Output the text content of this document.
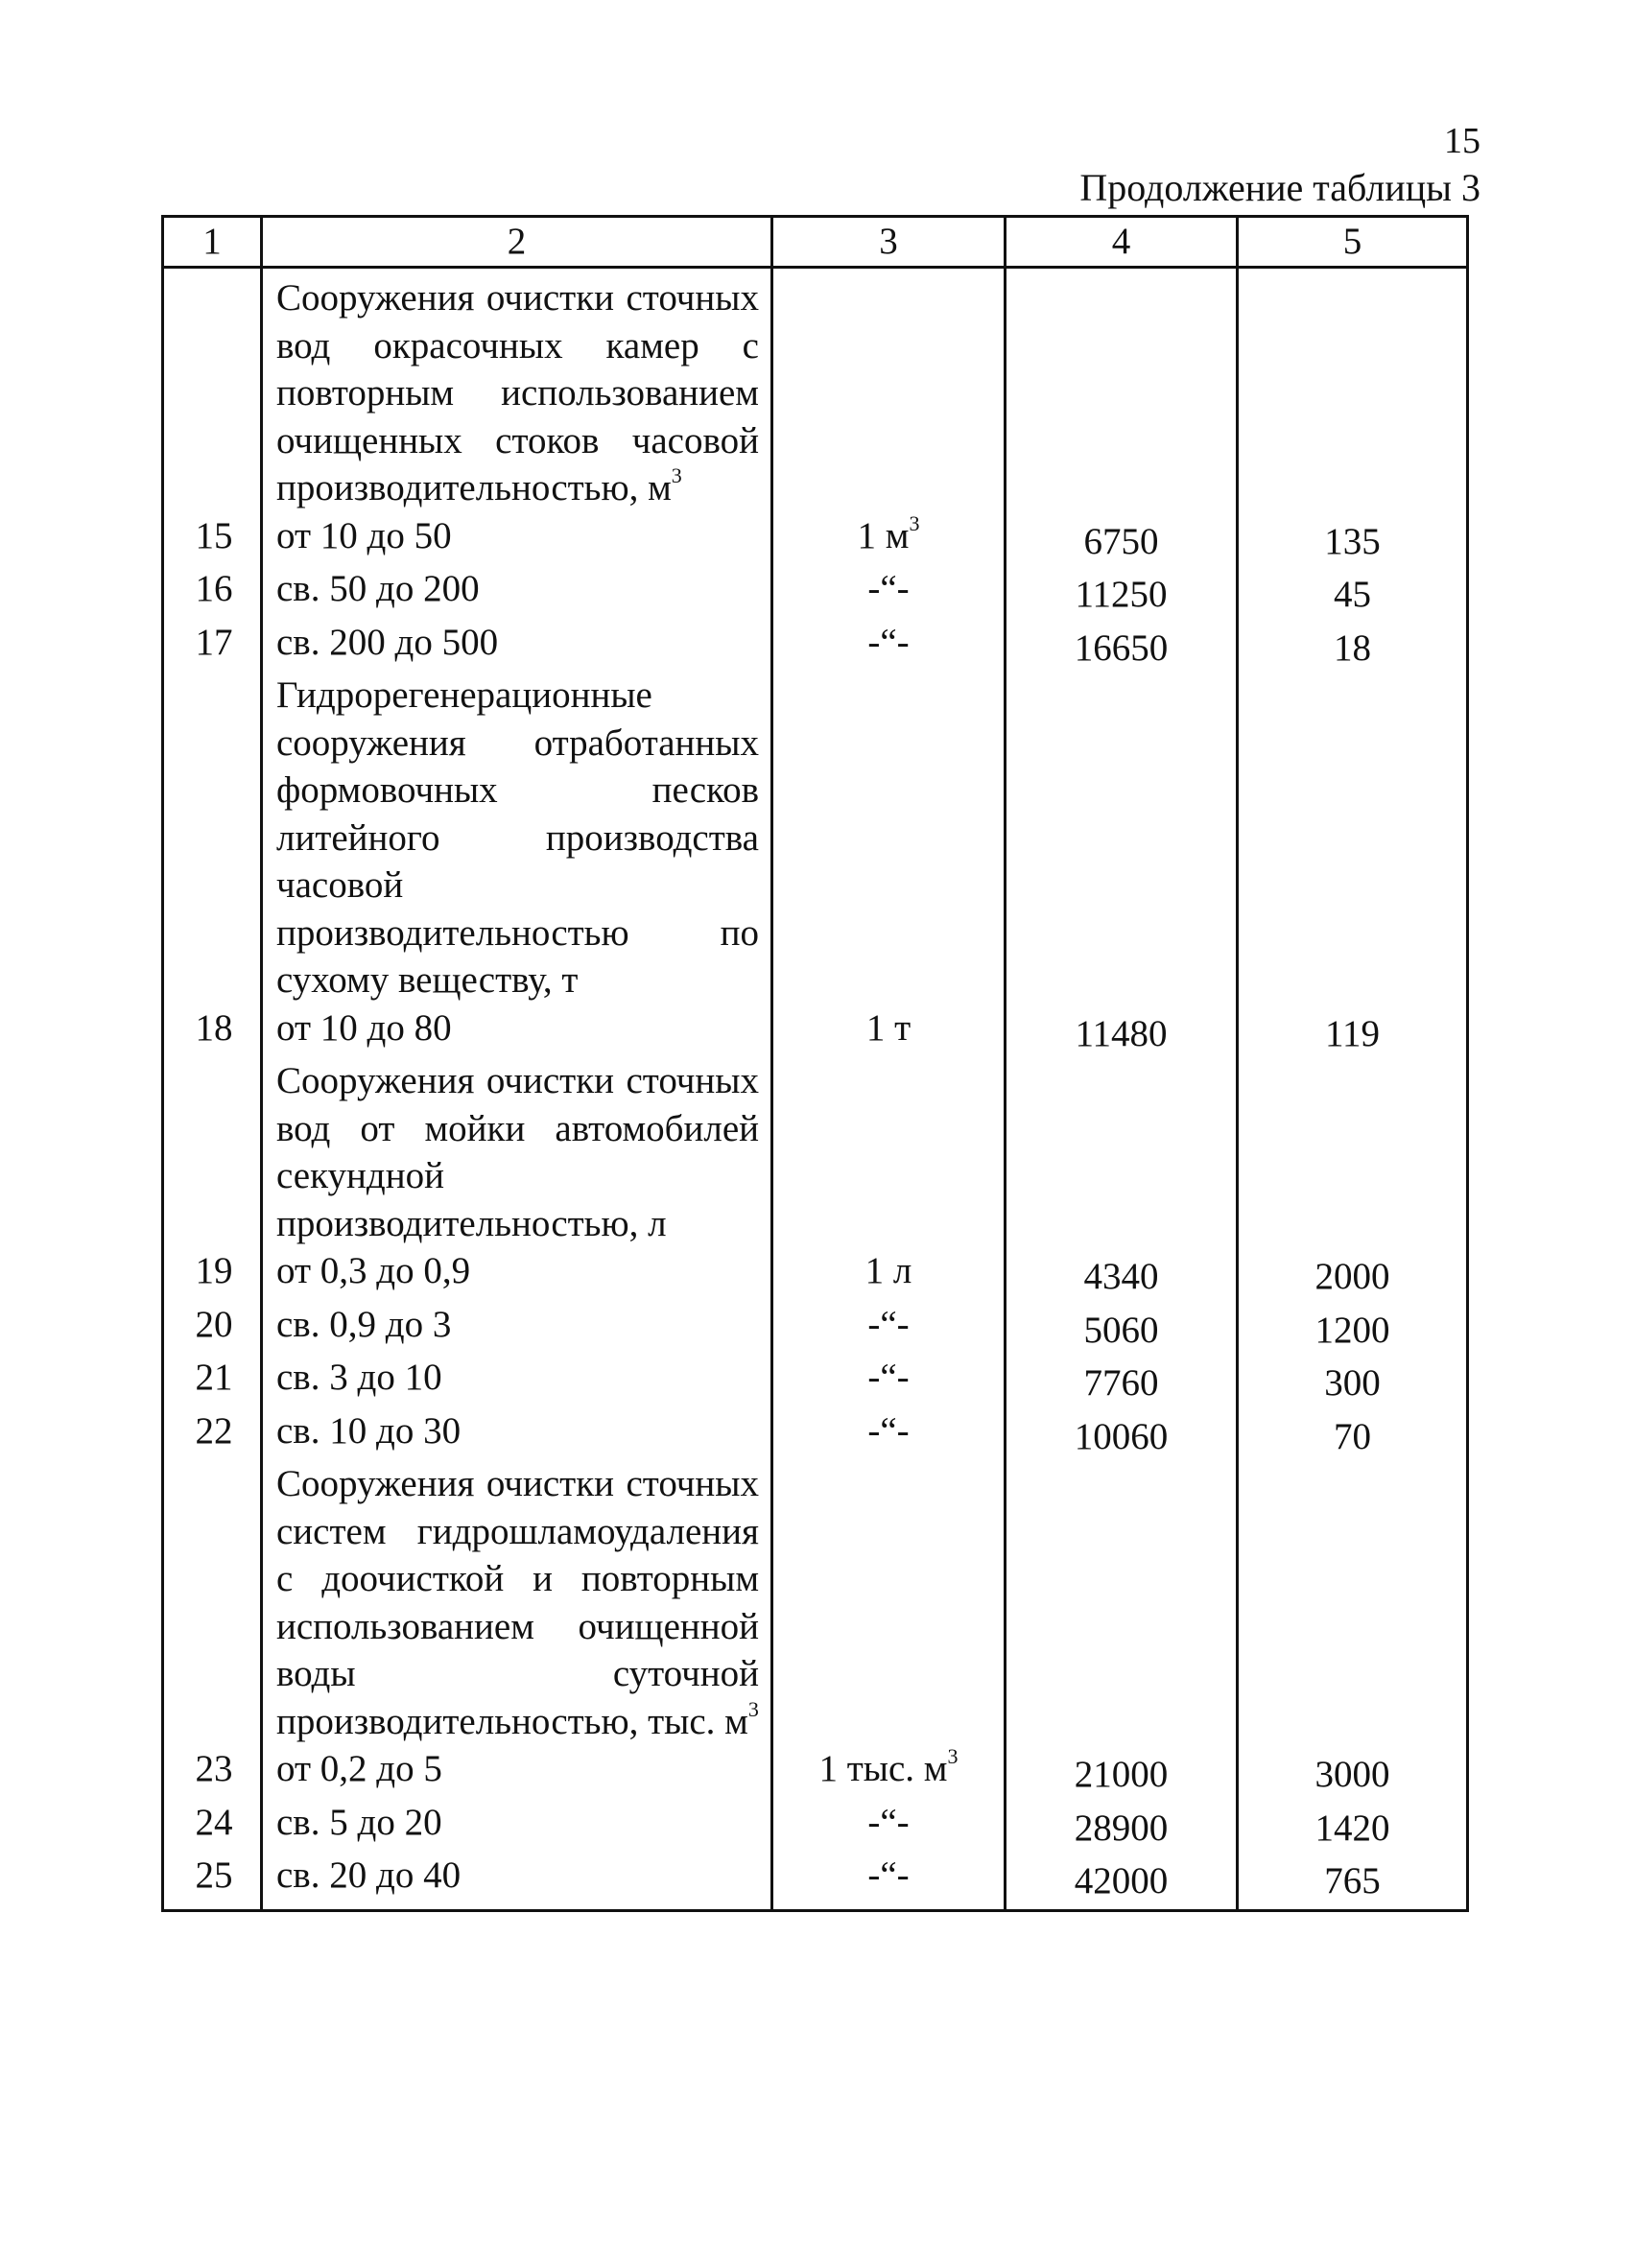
15
Продолжение таблицы 3
1	2	3	4	5
	Сооружения очистки сточных вод окрасочных камер с повторным использованием очищенных стоков часовой производительностью, $м^3$			
15	от 10 до 50	1 $м^3$	6750	135
16	св. 50 до 200	-“-	11250	45
17	св. 200 до 500	-“-	16650	18
	Гидрорегенерационные сооружения отработанных формовочных песков литейного производства часовой производительностью по сухому веществу, т			
18	от 10 до 80	1 т	11480	119
	Сооружения очистки сточных вод от мойки автомобилей секундной производительностью, л			
19	от 0,3 до 0,9	1 л	4340	2000
20	св. 0,9 до 3	-“-	5060	1200
21	св. 3 до 10	-“-	7760	300
22	св. 10 до 30	-“-	10060	70
	Сооружения очистки сточных систем гидрошламоудаления с доочисткой и повторным использованием очищенной воды суточной производительностью, тыс. $м^3$			
23	от 0,2 до 5	1 тыс. $м^3$	21000	3000
24	св. 5 до 20	-“-	28900	1420
25	св. 20 до 40	-“-	42000	765
